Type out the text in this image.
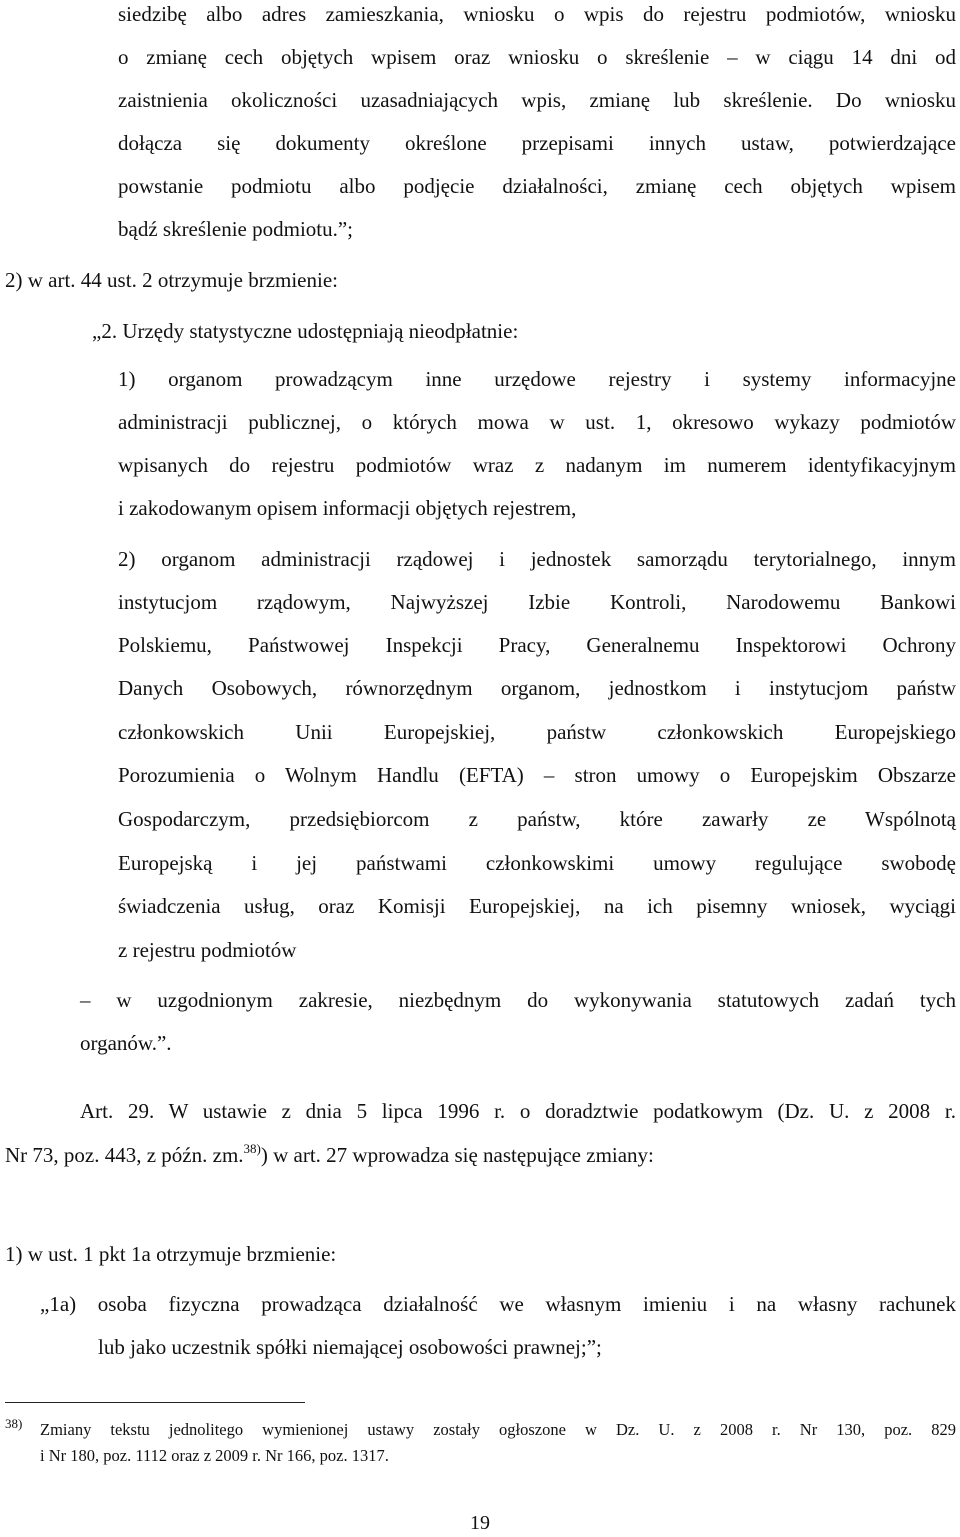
siedzibę albo adres zamieszkania, wniosku o wpis do rejestru podmiotów, wniosku
o zmianę cech objętych wpisem oraz wniosku o skreślenie – w ciągu 14 dni od
zaistnienia okoliczności uzasadniających wpis, zmianę lub skreślenie. Do wniosku
dołącza się dokumenty określone przepisami innych ustaw, potwierdzające
powstanie podmiotu albo podjęcie działalności, zmianę cech objętych wpisem
bądź skreślenie podmiotu.”;
2) w art. 44 ust. 2 otrzymuje brzmienie:
„2. Urzędy statystyczne udostępniają nieodpłatnie:
1) organom prowadzącym inne urzędowe rejestry i systemy informacyjne
administracji publicznej, o których mowa w ust. 1, okresowo wykazy podmiotów
wpisanych do rejestru podmiotów wraz z nadanym im numerem identyfikacyjnym
i zakodowanym opisem informacji objętych rejestrem,
2) organom administracji rządowej i jednostek samorządu terytorialnego, innym
instytucjom rządowym, Najwyższej Izbie Kontroli, Narodowemu Bankowi
Polskiemu, Państwowej Inspekcji Pracy, Generalnemu Inspektorowi Ochrony
Danych Osobowych, równorzędnym organom, jednostkom i instytucjom państw
członkowskich Unii Europejskiej, państw członkowskich Europejskiego
Porozumienia o Wolnym Handlu (EFTA) – stron umowy o Europejskim Obszarze
Gospodarczym, przedsiębiorcom z państw, które zawarły ze Wspólnotą
Europejską i jej państwami członkowskimi umowy regulujące swobodę
świadczenia usług, oraz Komisji Europejskiej, na ich pisemny wniosek, wyciągi
z rejestru podmiotów
– w uzgodnionym zakresie, niezbędnym do wykonywania statutowych zadań tych
organów.”.
Art. 29. W ustawie z dnia 5 lipca 1996 r. o doradztwie podatkowym (Dz. U. z 2008 r.
Nr 73, poz. 443, z późn. zm.$^{38)}$) w art. 27 wprowadza się następujące zmiany:
1) w ust. 1 pkt 1a otrzymuje brzmienie:
„1a) osoba fizyczna prowadząca działalność we własnym imieniu i na własny rachunek
lub jako uczestnik spółki niemającej osobowości prawnej;”;
38) Zmiany tekstu jednolitego wymienionej ustawy zostały ogłoszone w Dz. U. z 2008 r. Nr 130, poz. 829
i Nr 180, poz. 1112 oraz z 2009 r. Nr 166, poz. 1317.
19
